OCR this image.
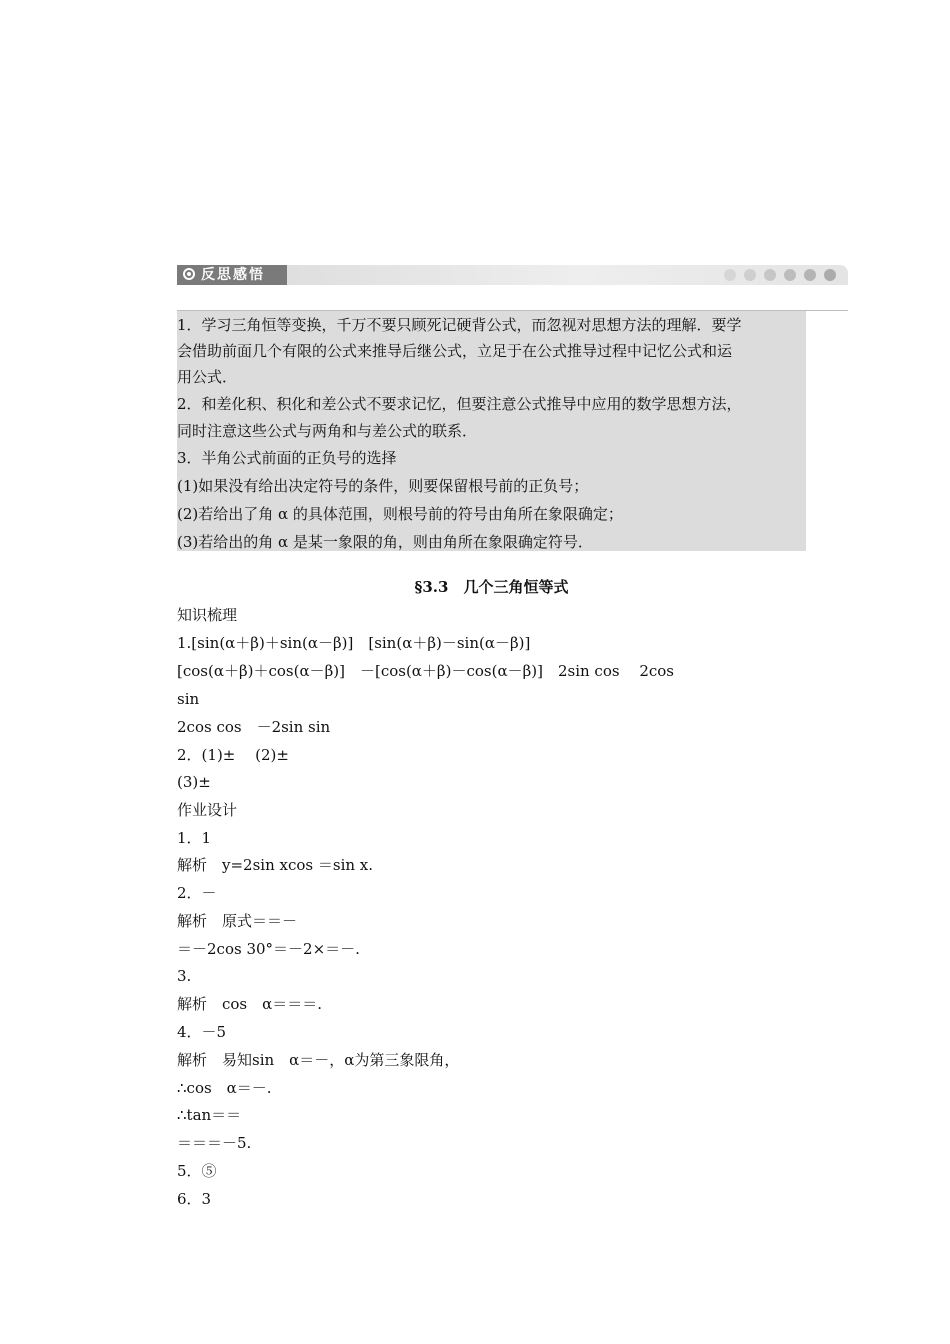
反思感悟
1．学习三角恒等变换，千万不要只顾死记硬背公式，而忽视对思想方法的理解．要学
会借助前面几个有限的公式来推导后继公式，立足于在公式推导过程中记忆公式和运
用公式．
2．和差化积、积化和差公式不要求记忆，但要注意公式推导中应用的数学思想方法，
同时注意这些公式与两角和与差公式的联系．
3．半角公式前面的正负号的选择
(1)如果没有给出决定符号的条件，则要保留根号前的正负号；
(2)若给出了角 α 的具体范围，则根号前的符号由角所在象限确定；
(3)若给出的角 α 是某一象限的角，则由角所在象限确定符号．
§3.3　几个三角恒等式
知识梳理
1.[sin(α＋β)＋sin(α－β)]　[sin(α＋β)－sin(α－β)]
[cos(α＋β)＋cos(α－β)]　－[cos(α＋β)－cos(α－β)]　2sin cos　 2cos
sin
2cos cos　－2sin sin
2．(1)±　 (2)±
(3)±
作业设计
1．1
解析　y=2sin xcos ＝sin x.
2．－
解析　原式＝＝－
＝－2cos 30°＝－2×＝－.
3.
解析　cos　α＝＝＝.
4．－5
解析　易知sin　α＝－，α为第三象限角，
∴cos　α＝－.
∴tan＝＝
＝＝＝－5.
5．⑤
6．3
